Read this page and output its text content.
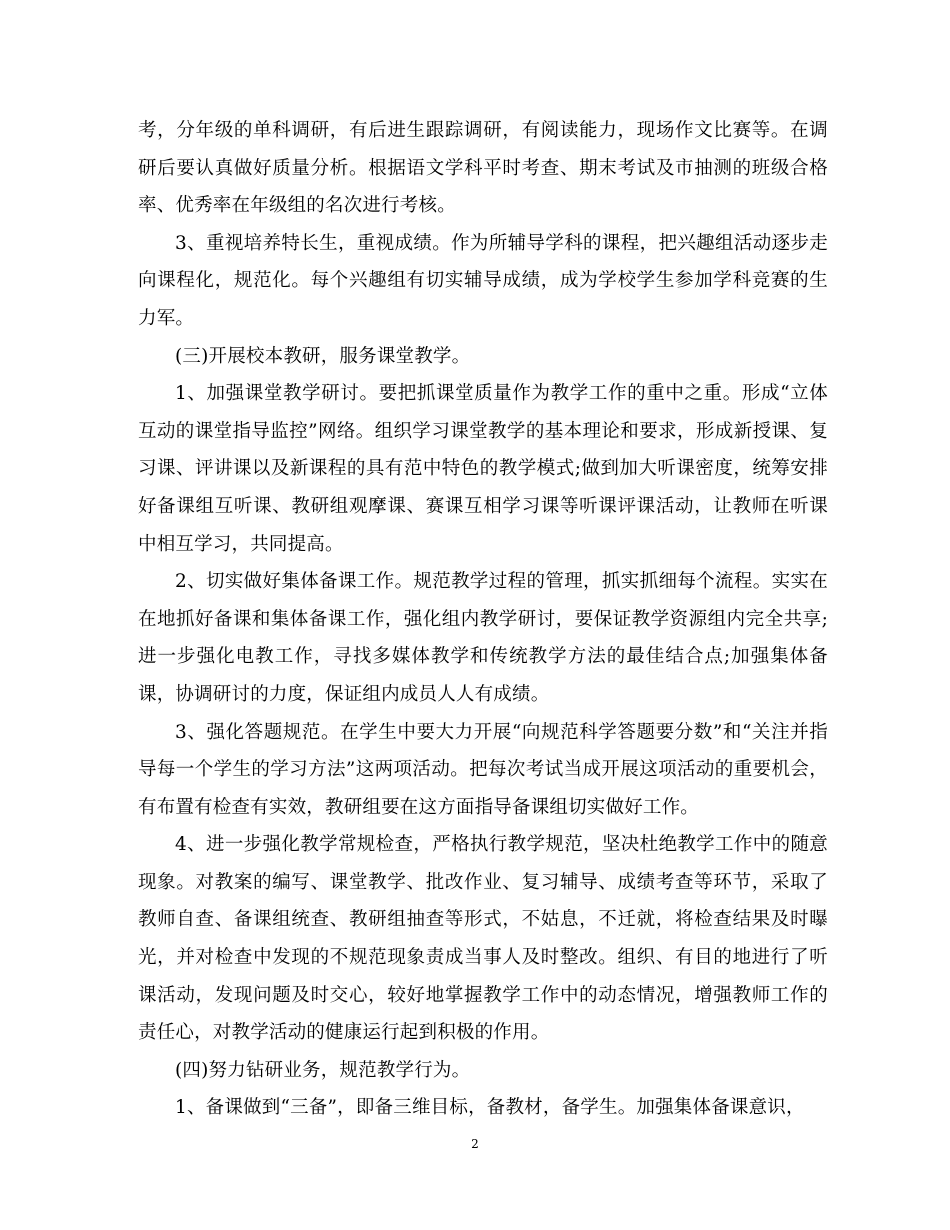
考，分年级的单科调研，有后进生跟踪调研，有阅读能力，现场作文比赛等。在调研后要认真做好质量分析。根据语文学科平时考查、期末考试及市抽测的班级合格率、优秀率在年级组的名次进行考核。

3、重视培养特长生，重视成绩。作为所辅导学科的课程，把兴趣组活动逐步走向课程化，规范化。每个兴趣组有切实辅导成绩，成为学校学生参加学科竞赛的生力军。

(三)开展校本教研，服务课堂教学。

1、加强课堂教学研讨。要把抓课堂质量作为教学工作的重中之重。形成“立体互动的课堂指导监控”网络。组织学习课堂教学的基本理论和要求，形成新授课、复习课、评讲课以及新课程的具有范中特色的教学模式;做到加大听课密度，统筹安排好备课组互听课、教研组观摩课、赛课互相学习课等听课评课活动，让教师在听课中相互学习，共同提高。

2、切实做好集体备课工作。规范教学过程的管理，抓实抓细每个流程。实实在在地抓好备课和集体备课工作，强化组内教学研讨，要保证教学资源组内完全共享;进一步强化电教工作，寻找多媒体教学和传统教学方法的最佳结合点;加强集体备课，协调研讨的力度，保证组内成员人人有成绩。

3、强化答题规范。在学生中要大力开展“向规范科学答题要分数”和“关注并指导每一个学生的学习方法”这两项活动。把每次考试当成开展这项活动的重要机会，有布置有检查有实效，教研组要在这方面指导备课组切实做好工作。

4、进一步强化教学常规检查，严格执行教学规范，坚决杜绝教学工作中的随意现象。对教案的编写、课堂教学、批改作业、复习辅导、成绩考查等环节，采取了教师自查、备课组统查、教研组抽查等形式，不姑息，不迁就，将检查结果及时曝光，并对检查中发现的不规范现象责成当事人及时整改。组织、有目的地进行了听课活动，发现问题及时交心，较好地掌握教学工作中的动态情况，增强教师工作的责任心，对教学活动的健康运行起到积极的作用。

(四)努力钻研业务，规范教学行为。

1、备课做到“三备”，即备三维目标，备教材，备学生。加强集体备课意识，

2
